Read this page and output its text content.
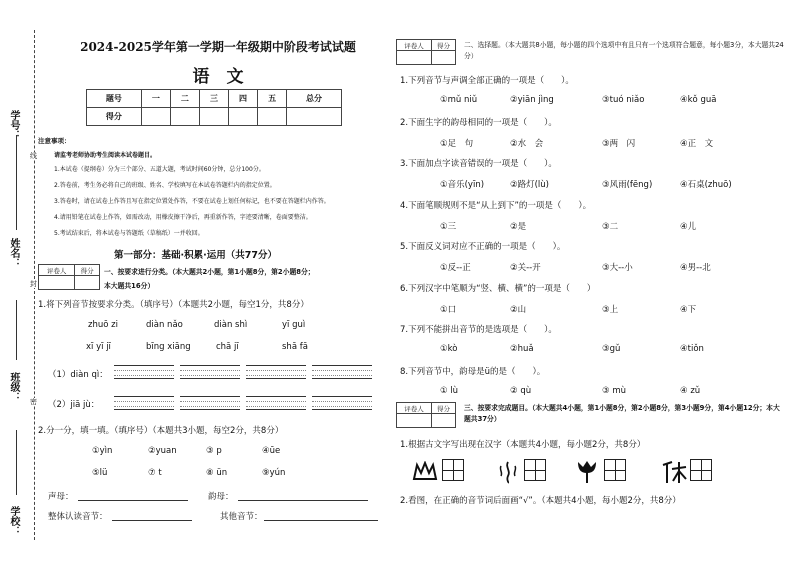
学号：
姓名：
班级：
学校：
线
封
密
2024-2025学年第一学期一年级期中阶段考试试题
语　文
题号	一	二	三	四	五	总分
得分						
注意事项：
请监考老师协助考生阅读本试卷题目。
1.本试卷（提纲卷）分为三个部分、五道大题，考试时间60分钟，总分100分。
2.答卷前，考生务必将自己的班级、姓名、学校填写在本试卷答题栏内的指定位置。
3.答卷时，请在试卷上作答且写在指定位置处作答，不要在试卷上划任何标记，也不要在答题栏内作答。
4.请用铅笔在试卷上作答，如需改动，用橡皮擦干净后，再重新作答，字迹要清晰，卷面要整洁。
5.考试结束后，将本试卷与答题纸（草稿纸）一并收回。
第一部分：基础·积累·运用（共77分）
评卷人	得分
	一、按要求进行分类。（本大题共2小题，第1小题8分，第2小题8分；
本大题共16分）
1.将下列音节按要求分类。（填序号）（本题共2小题，每空1分，共8分）
zhuō zi	diàn nǎo	diàn shì	yī guì
xī yī jī	bīng xiāng	chā jī	shā fā
（1）diàn qì：
（2）jiā jù：
2.分一分，填一填。（填序号）（本题共3小题，每空2分，共8分）
①yìn	②yuan	③ p	④ūe
⑤lü	⑦ t	⑧ ün	⑨yún
声母：	韵母：
整体认读音节：	其他音节：
评卷人	得分
	二、选择题。（本大题共8小题，每小题的四个选项中有且只有一个选项符合题意，每小题3分，本大题共24分）
1.下列音节与声调全部正确的一项是（　　）。
①mǔ niǔ	②yiān jìng	③tuó niǎo	④kǒ guā
2.下面生字的韵母相同的一项是（　　）。
①足　句	②水　会	③两　闪	④正　文
3.下面加点字读音错误的一项是（　　）。
①音乐(yīn)	②路灯(lù)	③风雨(fēng)	④石桌(zhuō)
4.下面笔顺规则不是“从上到下”的一项是（　　）。
①三	②是	③二	④儿
5.下面反义词对应不正确的一项是（　　）。
①反--正	②关--开	③大--小	④男--北
6.下列汉字中笔顺为“竖、横、横”的一项是（　　）
①口	②山	③上	④下
7.下列不能拼出音节的是选项是（　　）。
①kò	②huǎ	③gǔ	④tiǒn
8.下列音节中，韵母是ü的是（　　）。
① lù	② qù	③ mù	④ zǔ
评卷人	得分
	三、按要求完成题目。（本大题共4小题，第1小题8分，第2小题8分，第3小题9分，第4小题12分；本大题共37分）
1.根据古文字写出现在汉字（本题共4小题，每小题2分，共8分）
2.看图，在正确的音节词后面画“√”。（本题共4小题，每小题2分，共8分）
